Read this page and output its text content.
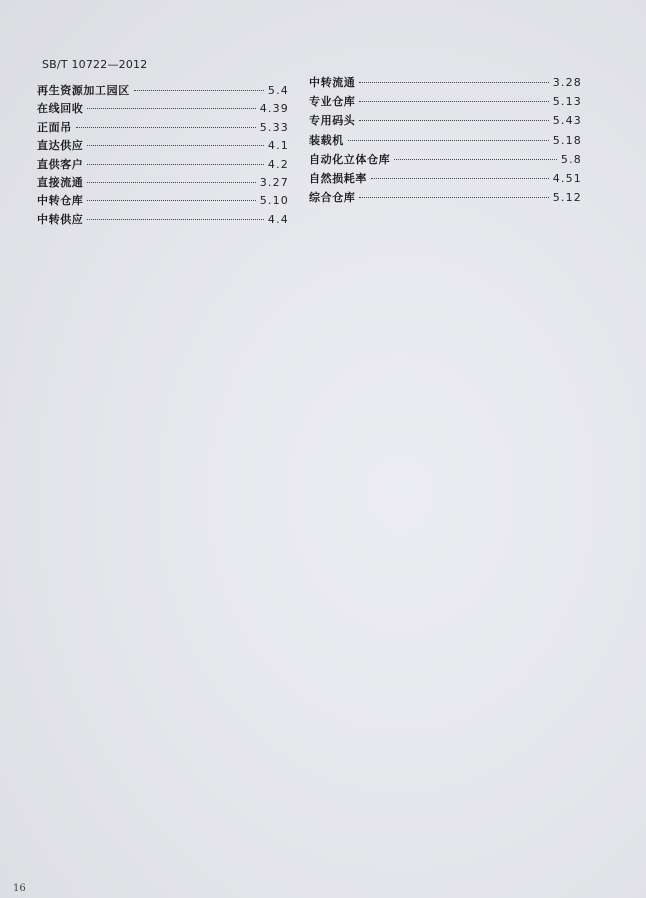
SB/T 10722—2012
再生资源加工园区	5.4
在线回收	4.39
正面吊	5.33
直达供应	4.1
直供客户	4.2
直接流通	3.27
中转仓库	5.10
中转供应	4.4
中转流通	3.28
专业仓库	5.13
专用码头	5.43
装载机	5.18
自动化立体仓库	5.8
自然损耗率	4.51
综合仓库	5.12
16
